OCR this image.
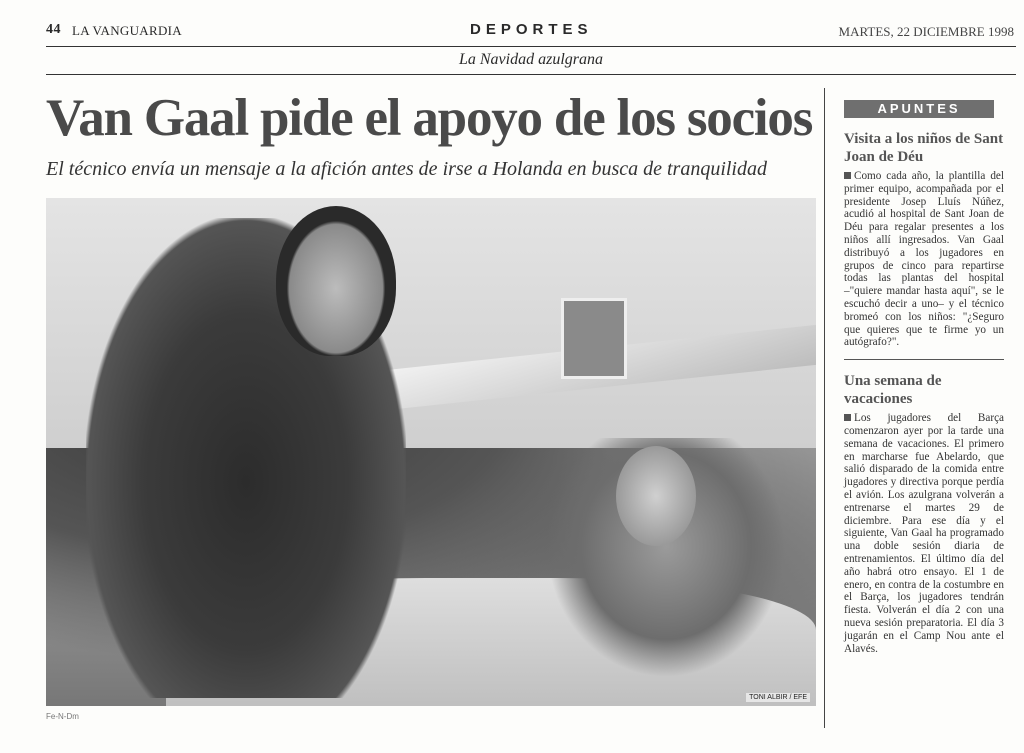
44 LA VANGUARDIA	DEPORTES	MARTES, 22 DICIEMBRE 1998
La Navidad azulgrana
Van Gaal pide el apoyo de los socios
El técnico envía un mensaje a la afición antes de irse a Holanda en busca de tranquilidad
TONI ALBIR / EFE
Fe-N-Dm
APUNTES
Visita a los niños de Sant Joan de Déu
Como cada año, la plantilla del primer equipo, acompañada por el presidente Josep Lluís Núñez, acudió al hospital de Sant Joan de Déu para regalar presentes a los niños allí ingresados. Van Gaal distribuyó a los jugadores en grupos de cinco para repartirse todas las plantas del hospital –"quiere mandar hasta aquí", se le escuchó decir a uno– y el técnico bromeó con los niños: "¿Seguro que quieres que te firme yo un autógrafo?".
Una semana de vacaciones
Los jugadores del Barça comenzaron ayer por la tarde una semana de vacaciones. El primero en marcharse fue Abelardo, que salió disparado de la comida entre jugadores y directiva porque perdía el avión. Los azulgrana volverán a entrenarse el martes 29 de diciembre. Para ese día y el siguiente, Van Gaal ha programado una doble sesión diaria de entrenamientos. El último día del año habrá otro ensayo. El 1 de enero, en contra de la costumbre en el Barça, los jugadores tendrán fiesta. Volverán el día 2 con una nueva sesión preparatoria. El día 3 jugarán en el Camp Nou ante el Alavés.
